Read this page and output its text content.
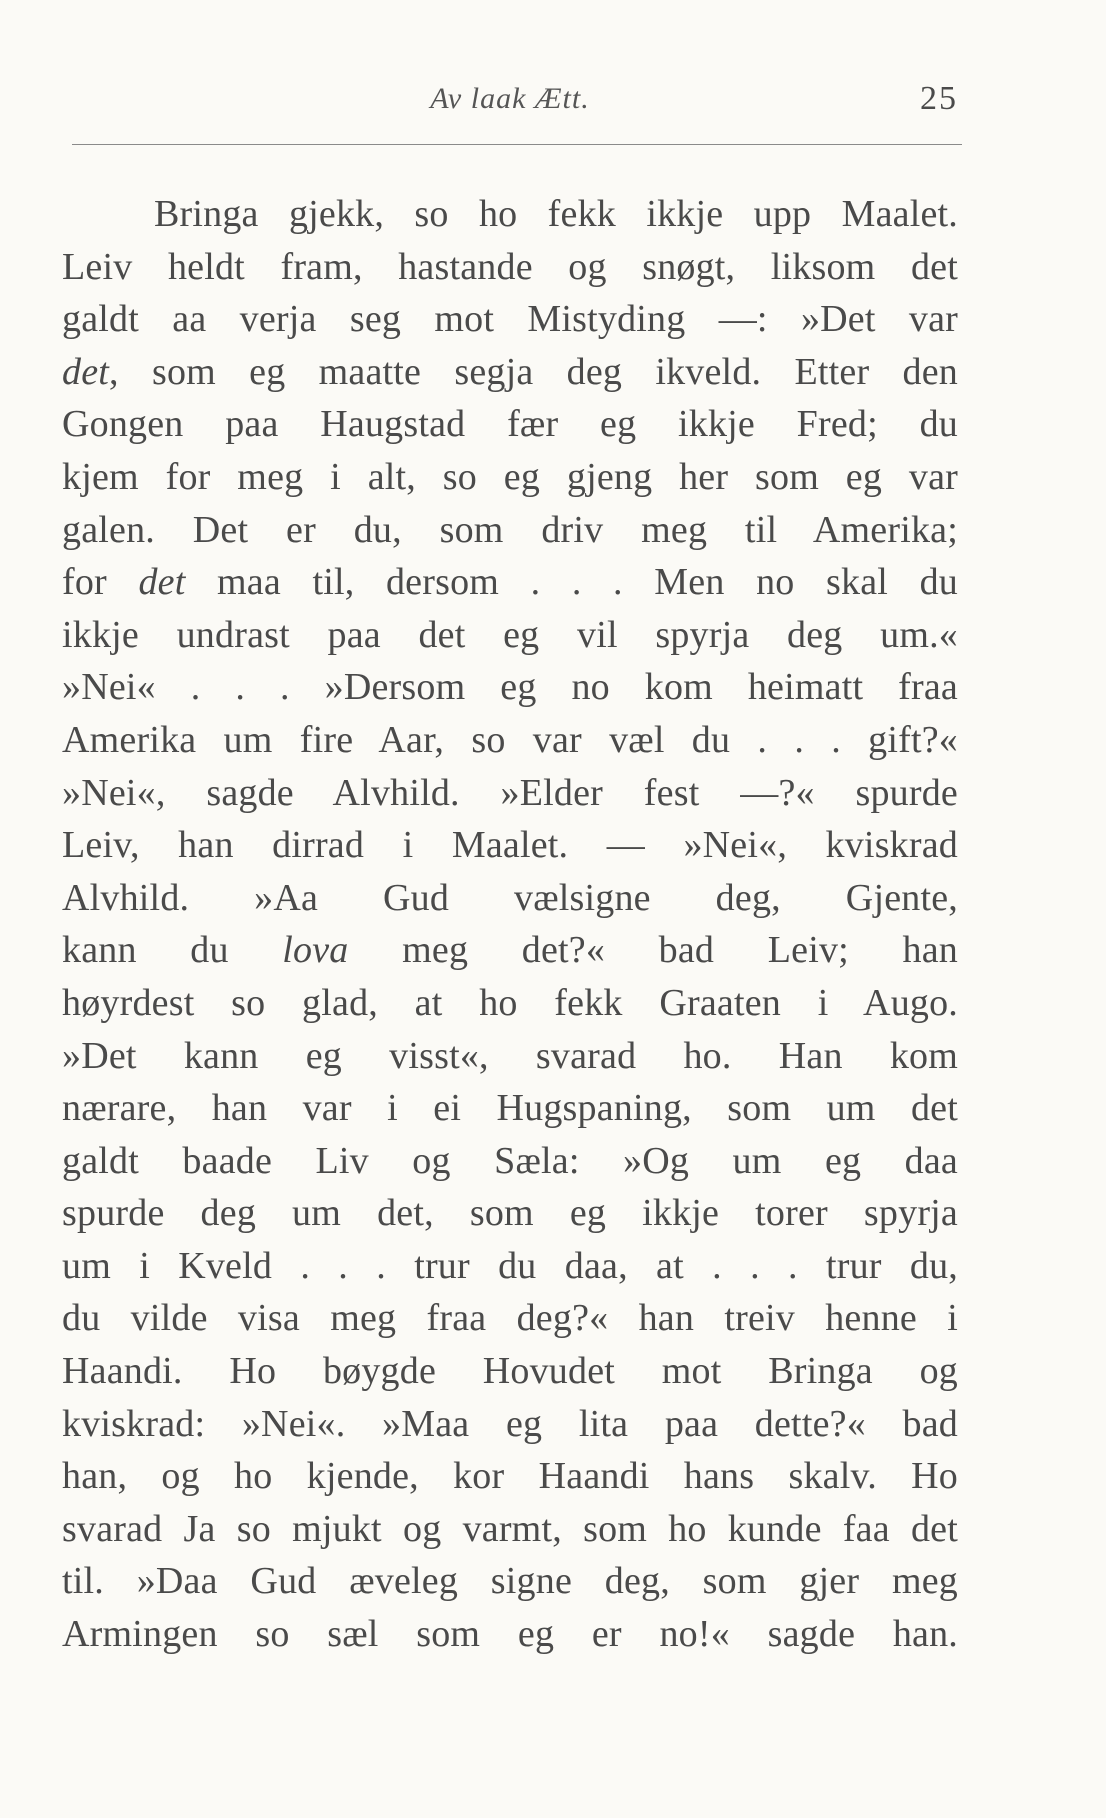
Av laak Ætt.	25
Bringa gjekk, so ho fekk ikkje upp Maalet.
Leiv heldt fram, hastande og snøgt, liksom det
galdt aa verja seg mot Mistyding —: »Det var
det, som eg maatte segja deg ikveld. Etter den
Gongen paa Haugstad fær eg ikkje Fred; du
kjem for meg i alt, so eg gjeng her som eg var
galen. Det er du, som driv meg til Amerika;
for det maa til, dersom . . . Men no skal du
ikkje undrast paa det eg vil spyrja deg um.«
»Nei« . . . »Dersom eg no kom heimatt fraa
Amerika um fire Aar, so var væl du . . . gift?«
»Nei«, sagde Alvhild. »Elder fest —?« spurde
Leiv, han dirrad i Maalet. — »Nei«, kviskrad
Alvhild. »Aa Gud vælsigne deg, Gjente,
kann du lova meg det?« bad Leiv; han
høyrdest so glad, at ho fekk Graaten i Augo.
»Det kann eg visst«, svarad ho. Han kom
nærare, han var i ei Hugspaning, som um det
galdt baade Liv og Sæla: »Og um eg daa
spurde deg um det, som eg ikkje torer spyrja
um i Kveld . . . trur du daa, at . . . trur du,
du vilde visa meg fraa deg?« han treiv henne i
Haandi. Ho bøygde Hovudet mot Bringa og
kviskrad: »Nei«. »Maa eg lita paa dette?« bad
han, og ho kjende, kor Haandi hans skalv. Ho
svarad Ja so mjukt og varmt, som ho kunde faa det
til. »Daa Gud æveleg signe deg, som gjer meg
Armingen so sæl som eg er no!« sagde han.
